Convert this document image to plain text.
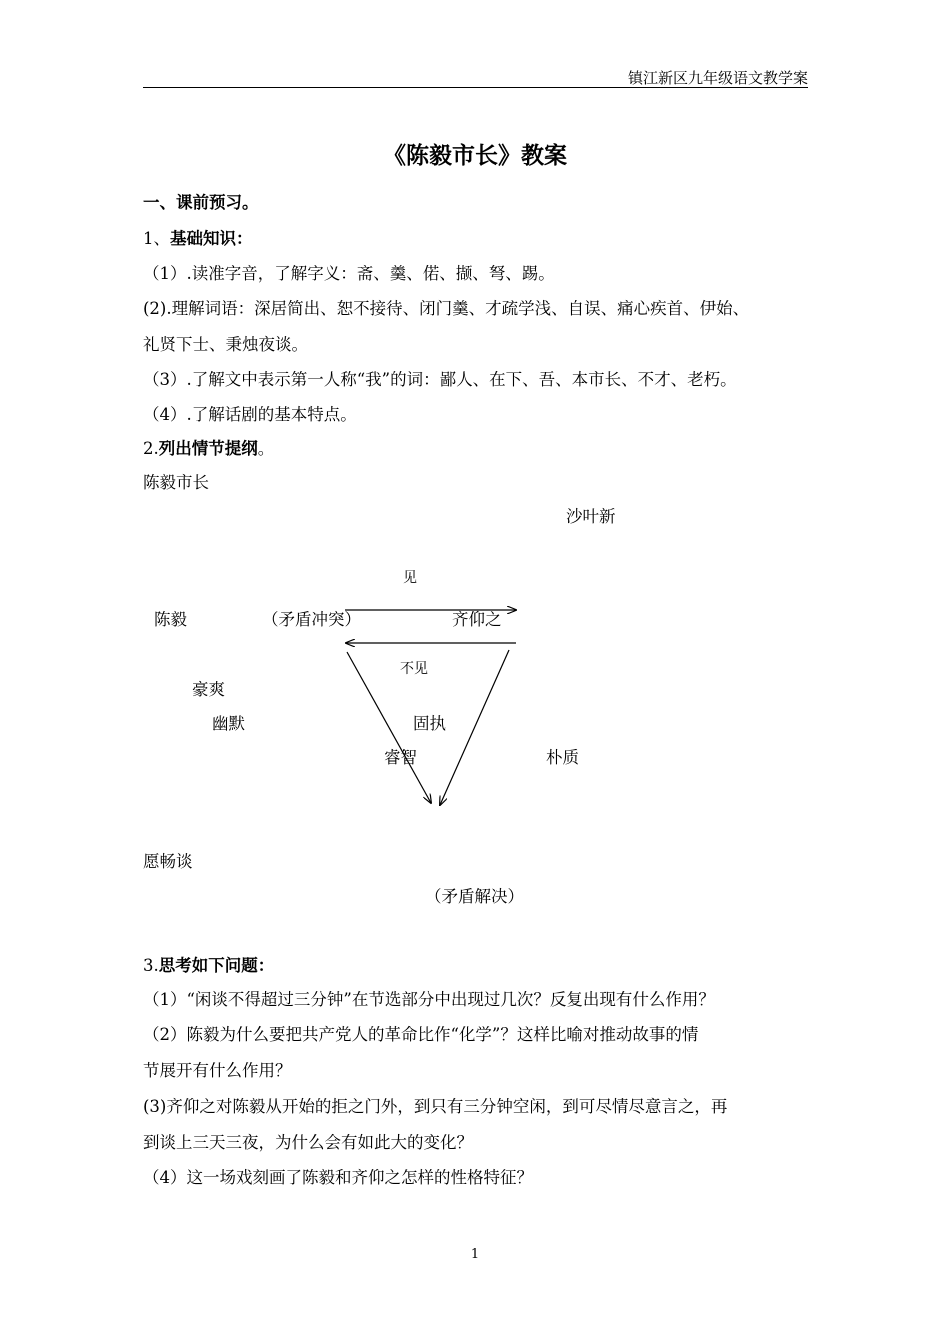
镇江新区九年级语文教学案
《陈毅市长》教案
一、课前预习。
1、基础知识：
（1）.读准字音，了解字义：斋、羹、偌、撷、弩、踢。
(2).理解词语：深居简出、恕不接待、闭门羹、才疏学浅、自误、痛心疾首、伊始、
礼贤下士、秉烛夜谈。
（3）.了解文中表示第一人称“我”的词：鄙人、在下、吾、本市长、不才、老朽。
（4）.了解话剧的基本特点。
2.列出情节提纲。
陈毅市长
沙叶新
见
陈毅	（矛盾冲突）	齐仰之
不见
豪爽
幽默	固执
睿智	朴质
愿畅谈
（矛盾解决）
3.思考如下问题：
（1）“闲谈不得超过三分钟”在节选部分中出现过几次？反复出现有什么作用？
（2）陈毅为什么要把共产党人的革命比作“化学”？这样比喻对推动故事的情
节展开有什么作用？
(3)齐仰之对陈毅从开始的拒之门外，到只有三分钟空闲，到可尽情尽意言之，再
到谈上三天三夜，为什么会有如此大的变化？
（4）这一场戏刻画了陈毅和齐仰之怎样的性格特征？
1
